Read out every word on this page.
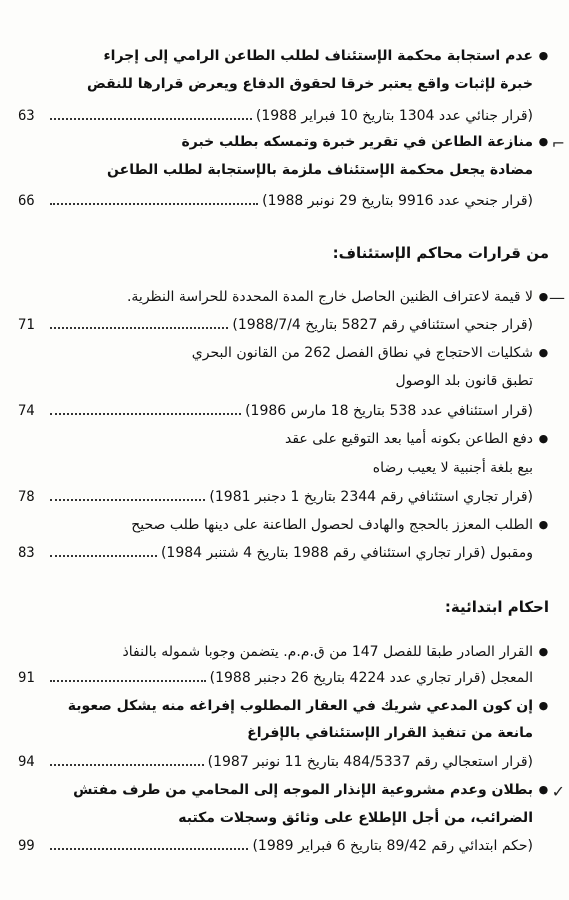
● عدم استجابة محكمة الإستئناف لطلب الطاعن الرامي إلى إجراء
خبرة لإثبات واقع يعتبر خرقا لحقوق الدفاع ويعرض قرارها للنقض
63	(قرار جنائي عدد 1304 بتاريخ 10 فبراير 1988)
⌐
● منازعة الطاعن في تقرير خبرة وتمسكه بطلب خبرة
مضادة يجعل محكمة الإستئناف ملزمة بالإستجابة لطلب الطاعن
66	(قرار جنحي عدد 9916 بتاريخ 29 نونبر 1988)
من قرارات محاكم الإستئناف:
—
● لا قيمة لاعتراف الظنين الحاصل خارج المدة المحددة للحراسة النظرية.
71	(قرار جنحي استئنافي رقم 5827 بتاريخ 1988/7/4)
● شكليات الاحتجاج في نطاق الفصل 262 من القانون البحري
تطبق قانون بلد الوصول
74	(قرار استئنافي عدد 538 بتاريخ 18 مارس 1986)
● دفع الطاعن بكونه أميا بعد التوقيع على عقد
بيع بلغة أجنبية لا يعيب رضاه
78	(قرار تجاري استئنافي رقم 2344 بتاريخ 1 دجنبر 1981)
● الطلب المعزز بالحجج والهادف لحصول الطاعنة على دينها طلب صحيح
83	ومقبول (قرار تجاري استئنافي رقم 1988 بتاريخ 4 شتنبر 1984)
احكام ابتدائية:
● القرار الصادر طبقا للفصل 147 من ق.م.م. يتضمن وجوبا شموله بالنفاذ
91	المعجل (قرار تجاري عدد 4224 بتاريخ 26 دجنبر 1988)
● إن كون المدعي شريك في العقار المطلوب إفراغه منه يشكل صعوبة
مانعة من تنفيذ القرار الإستئنافي بالإفراغ
94	(قرار استعجالي رقم 484/5337 بتاريخ 11 نونبر 1987)
✓
● بطلان وعدم مشروعية الإنذار الموجه إلى المحامي من طرف مفتش
الضرائب، من أجل الإطلاع على وثائق وسجلات مكتبه
99	(حكم ابتدائي رقم 89/42 بتاريخ 6 فبراير 1989)
